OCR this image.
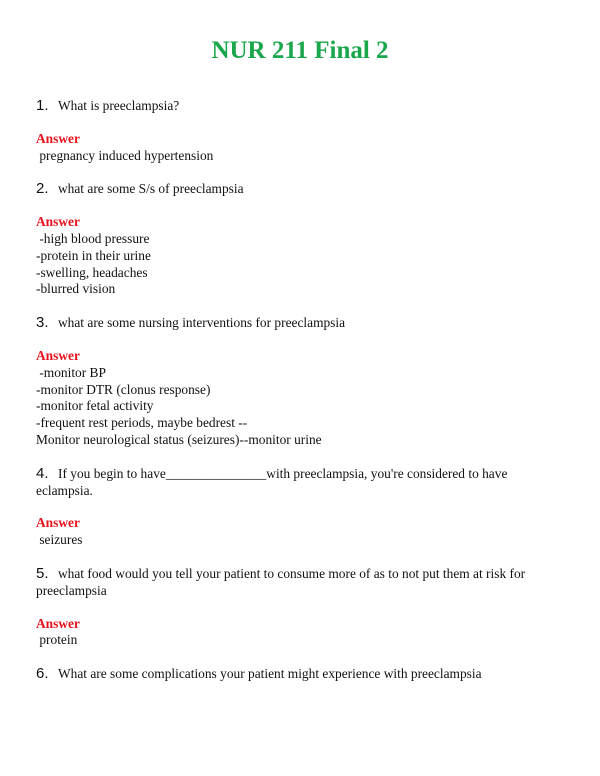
NUR 211 Final 2
1. What is preeclampsia?
Answer
pregnancy induced hypertension
2. what are some S/s of preeclampsia
Answer
-high blood pressure
-protein in their urine
-swelling, headaches
-blurred vision
3. what are some nursing interventions for preeclampsia
Answer
-monitor BP
-monitor DTR (clonus response)
-monitor fetal activity
-frequent rest periods, maybe bedrest --
Monitor neurological status (seizures)--monitor urine
4. If you begin to have_______________with preeclampsia, you're considered to have
eclampsia.
Answer
seizures
5. what food would you tell your patient to consume more of as to not put them at risk for
preeclampsia
Answer
protein
6. What are some complications your patient might experience with preeclampsia
